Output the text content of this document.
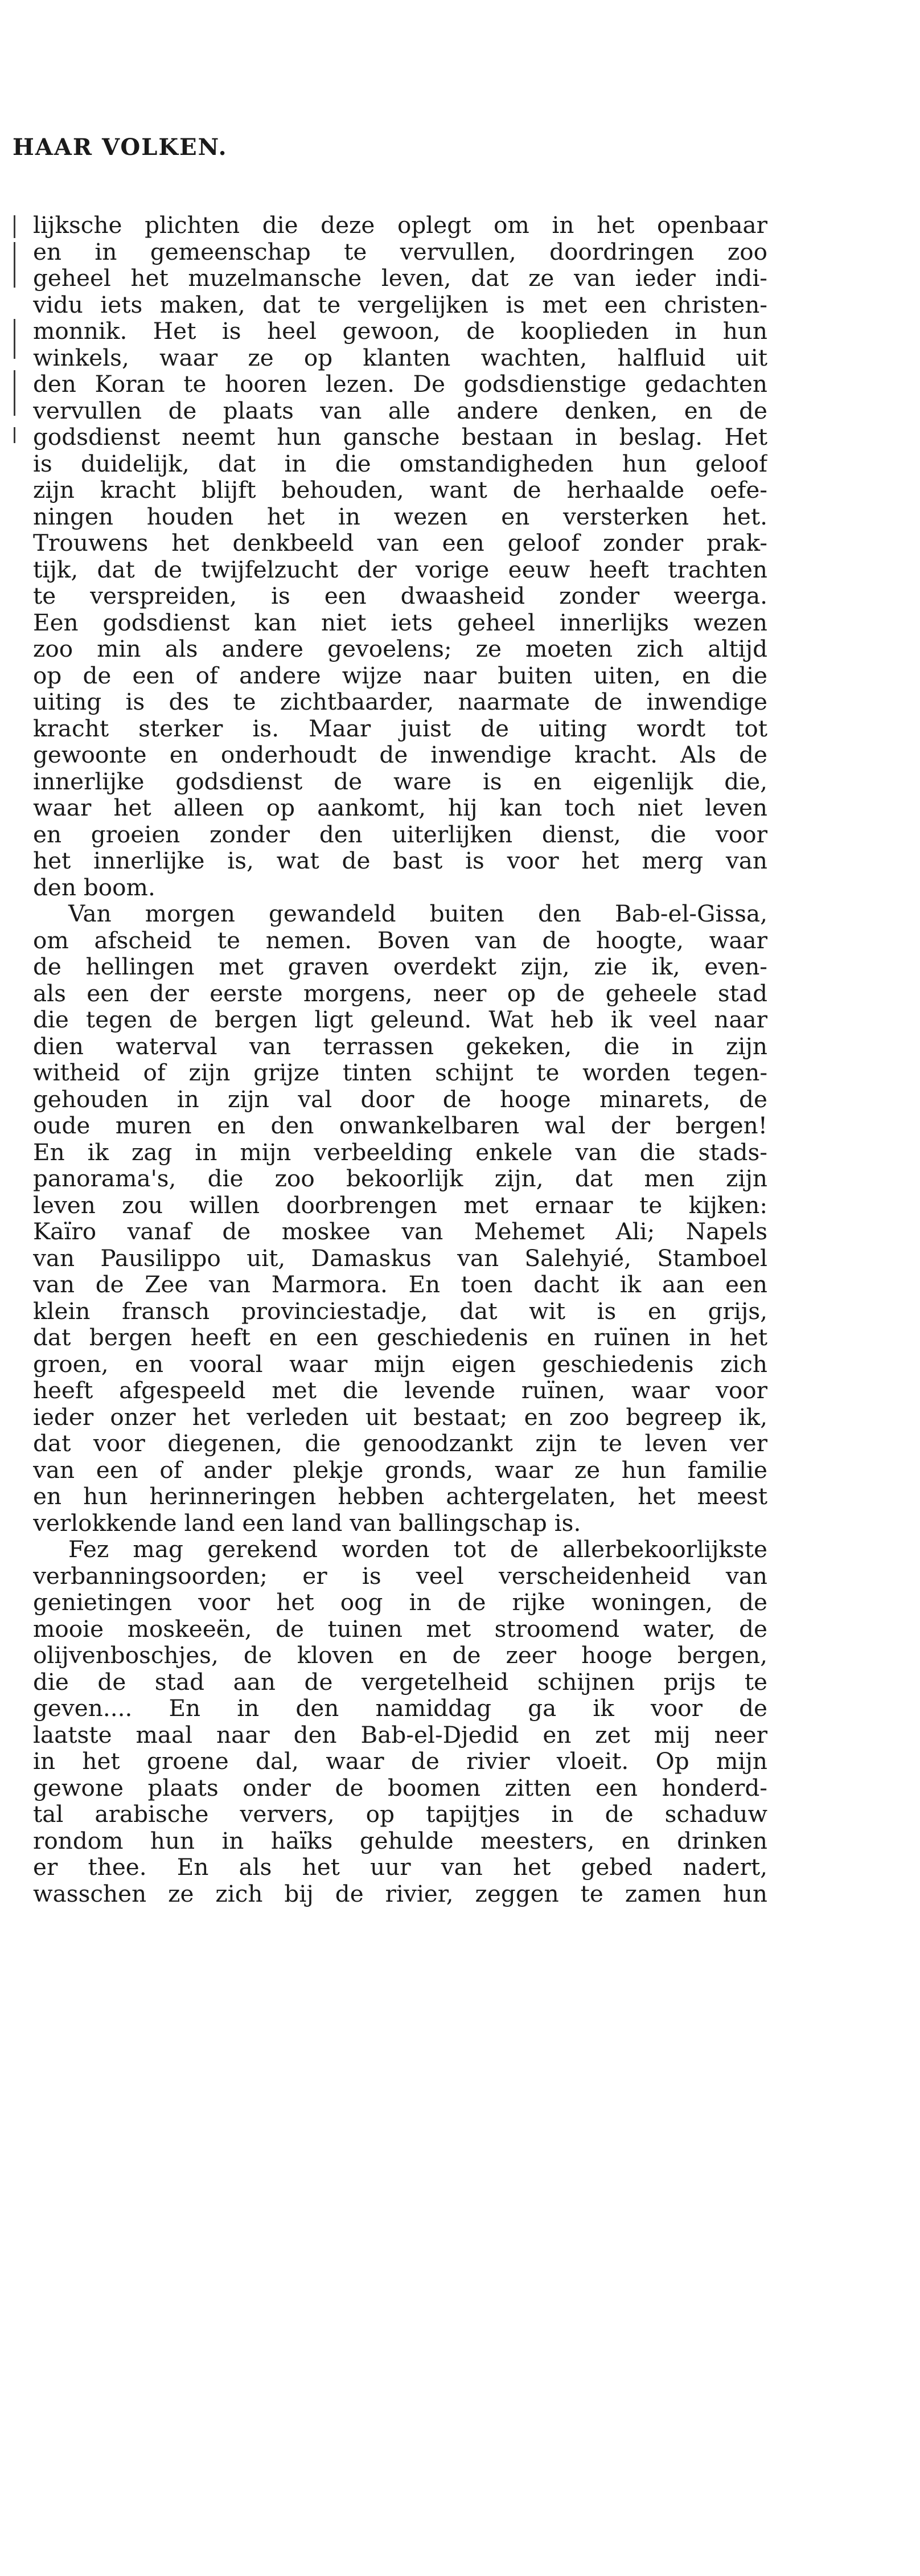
HAAR VOLKEN.
lijksche plichten die deze oplegt om in het openbaar
en in gemeenschap te vervullen, doordringen zoo
geheel het muzelmansche leven, dat ze van ieder indi-
vidu iets maken, dat te vergelijken is met een christen-
monnik. Het is heel gewoon, de kooplieden in hun
winkels, waar ze op klanten wachten, halfluid uit
den Koran te hooren lezen. De godsdienstige gedachten
vervullen de plaats van alle andere denken, en de
godsdienst neemt hun gansche bestaan in beslag. Het
is duidelijk, dat in die omstandigheden hun geloof
zijn kracht blijft behouden, want de herhaalde oefe-
ningen houden het in wezen en versterken het.
Trouwens het denkbeeld van een geloof zonder prak-
tijk, dat de twijfelzucht der vorige eeuw heeft trachten
te verspreiden, is een dwaasheid zonder weerga.
Een godsdienst kan niet iets geheel innerlijks wezen
zoo min als andere gevoelens; ze moeten zich altijd
op de een of andere wijze naar buiten uiten, en die
uiting is des te zichtbaarder, naarmate de inwendige
kracht sterker is. Maar juist de uiting wordt tot
gewoonte en onderhoudt de inwendige kracht. Als de
innerlijke godsdienst de ware is en eigenlijk die,
waar het alleen op aankomt, hij kan toch niet leven
en groeien zonder den uiterlijken dienst, die voor
het innerlijke is, wat de bast is voor het merg van
den boom.
Van morgen gewandeld buiten den Bab-el-Gissa,
om afscheid te nemen. Boven van de hoogte, waar
de hellingen met graven overdekt zijn, zie ik, even-
als een der eerste morgens, neer op de geheele stad
die tegen de bergen ligt geleund. Wat heb ik veel naar
dien waterval van terrassen gekeken, die in zijn
witheid of zijn grijze tinten schijnt te worden tegen-
gehouden in zijn val door de hooge minarets, de
oude muren en den onwankelbaren wal der bergen!
En ik zag in mijn verbeelding enkele van die stads-
panorama's, die zoo bekoorlijk zijn, dat men zijn
leven zou willen doorbrengen met ernaar te kijken:
Kaïro vanaf de moskee van Mehemet Ali; Napels
van Pausilippo uit, Damaskus van Salehyié, Stamboel
van de Zee van Marmora. En toen dacht ik aan een
klein fransch provinciestadje, dat wit is en grijs,
dat bergen heeft en een geschiedenis en ruïnen in het
groen, en vooral waar mijn eigen geschiedenis zich
heeft afgespeeld met die levende ruïnen, waar voor
ieder onzer het verleden uit bestaat; en zoo begreep ik,
dat voor diegenen, die genoodzankt zijn te leven ver
van een of ander plekje gronds, waar ze hun familie
en hun herinneringen hebben achtergelaten, het meest
verlokkende land een land van ballingschap is.
Fez mag gerekend worden tot de allerbekoorlijkste
verbanningsoorden; er is veel verscheidenheid van
genietingen voor het oog in de rijke woningen, de
mooie moskeeën, de tuinen met stroomend water, de
olijvenboschjes, de kloven en de zeer hooge bergen,
die de stad aan de vergetelheid schijnen prijs te
geven.... En in den namiddag ga ik voor de
laatste maal naar den Bab-el-Djedid en zet mij neer
in het groene dal, waar de rivier vloeit. Op mijn
gewone plaats onder de boomen zitten een honderd-
tal arabische ververs, op tapijtjes in de schaduw
rondom hun in haïks gehulde meesters, en drinken
er thee. En als het uur van het gebed nadert,
wasschen ze zich bij de rivier, zeggen te zamen hun
